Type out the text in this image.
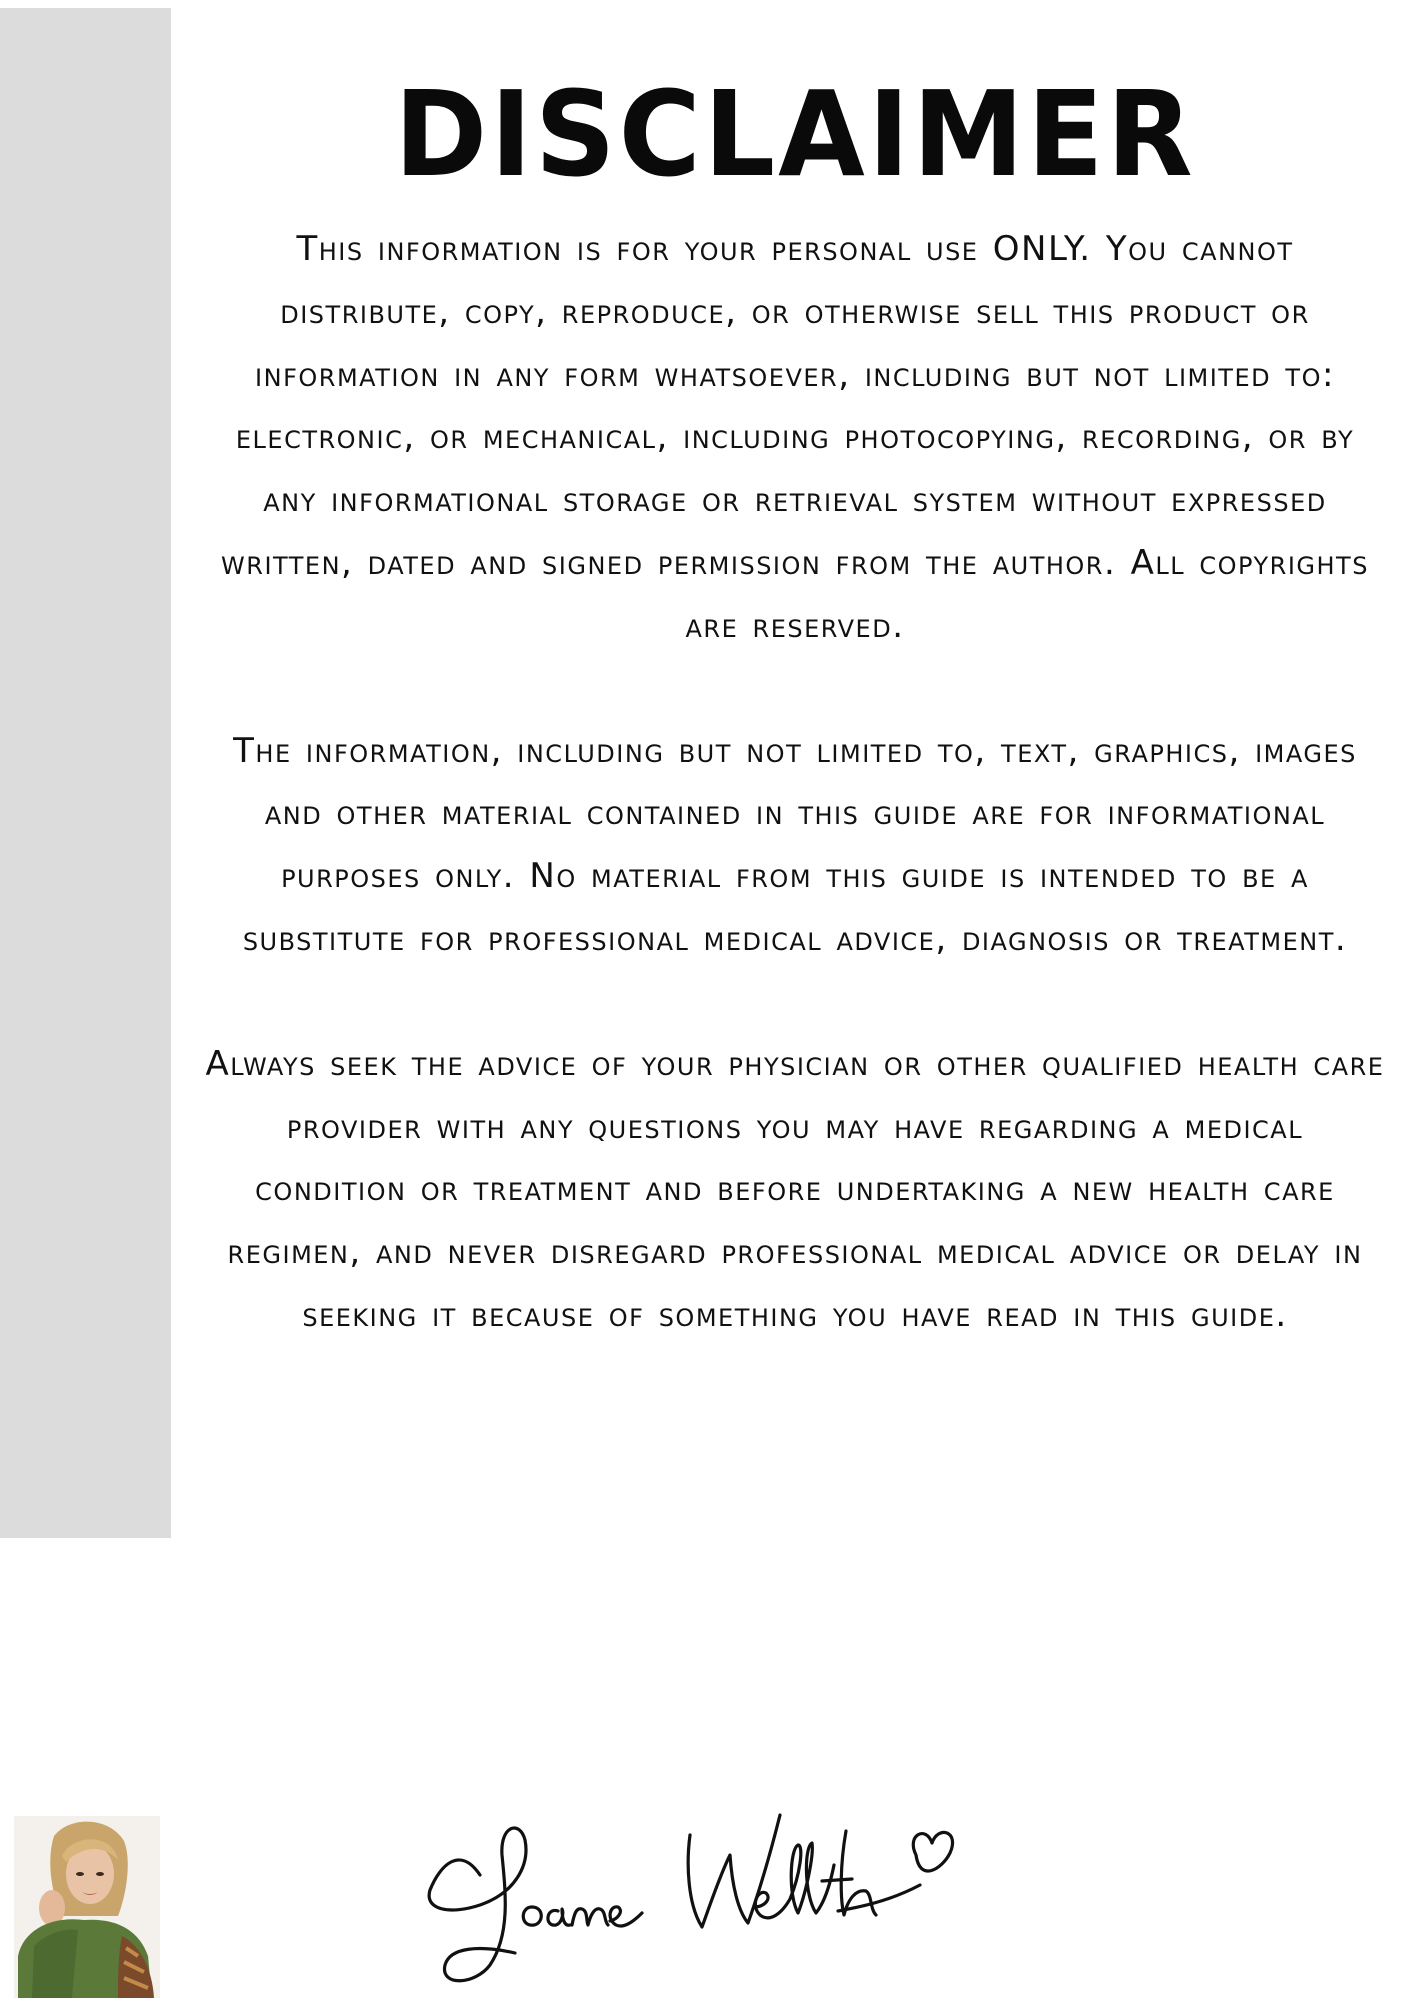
DISCLAIMER

This information is for your personal use ONLY. You cannot distribute, copy, reproduce, or otherwise sell this product or information in any form whatsoever, including but not limited to: electronic, or mechanical, including photocopying, recording, or by any informational storage or retrieval system without expressed written, dated and signed permission from the author. All copyrights are reserved.

The information, including but not limited to, text, graphics, images and other material contained in this guide are for informational purposes only. No material from this guide is intended to be a substitute for professional medical advice, diagnosis or treatment.

Always seek the advice of your physician or other qualified health care provider with any questions you may have regarding a medical condition or treatment and before undertaking a new health care regimen, and never disregard professional medical advice or delay in seeking it because of something you have read in this guide.
